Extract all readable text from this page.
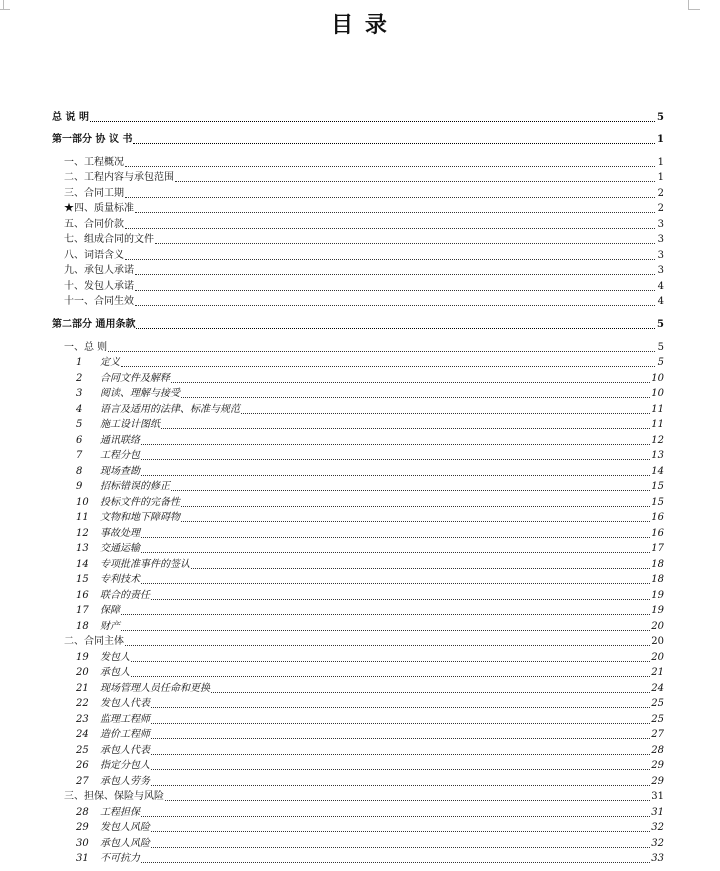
目 录
总 说 明	5
第一部分 协 议 书	1
一、工程概况	1
二、工程内容与承包范围	1
三、合同工期	2
★四、质量标准	2
五、合同价款	3
七、组成合同的文件	3
八、词语含义	3
九、承包人承诺	3
十、发包人承诺	4
十一、合同生效	4
第二部分 通用条款	5
一、总 则	5
1	定义	5
2	合同文件及解释	10
3	阅读、理解与接受	10
4	语言及适用的法律、标准与规范	11
5	施工设计图纸	11
6	通讯联络	12
7	工程分包	13
8	现场查勘	14
9	招标错误的修正	15
10	投标文件的完备性	15
11	文物和地下障碍物	16
12	事故处理	16
13	交通运输	17
14	专项批准事件的签认	18
15	专利技术	18
16	联合的责任	19
17	保障	19
18	财产	20
二、合同主体	20
19	发包人	20
20	承包人	21
21	现场管理人员任命和更换	24
22	发包人代表	25
23	监理工程师	25
24	造价工程师	27
25	承包人代表	28
26	指定分包人	29
27	承包人劳务	29
三、担保、保险与风险	31
28	工程担保	31
29	发包人风险	32
30	承包人风险	32
31	不可抗力	33
